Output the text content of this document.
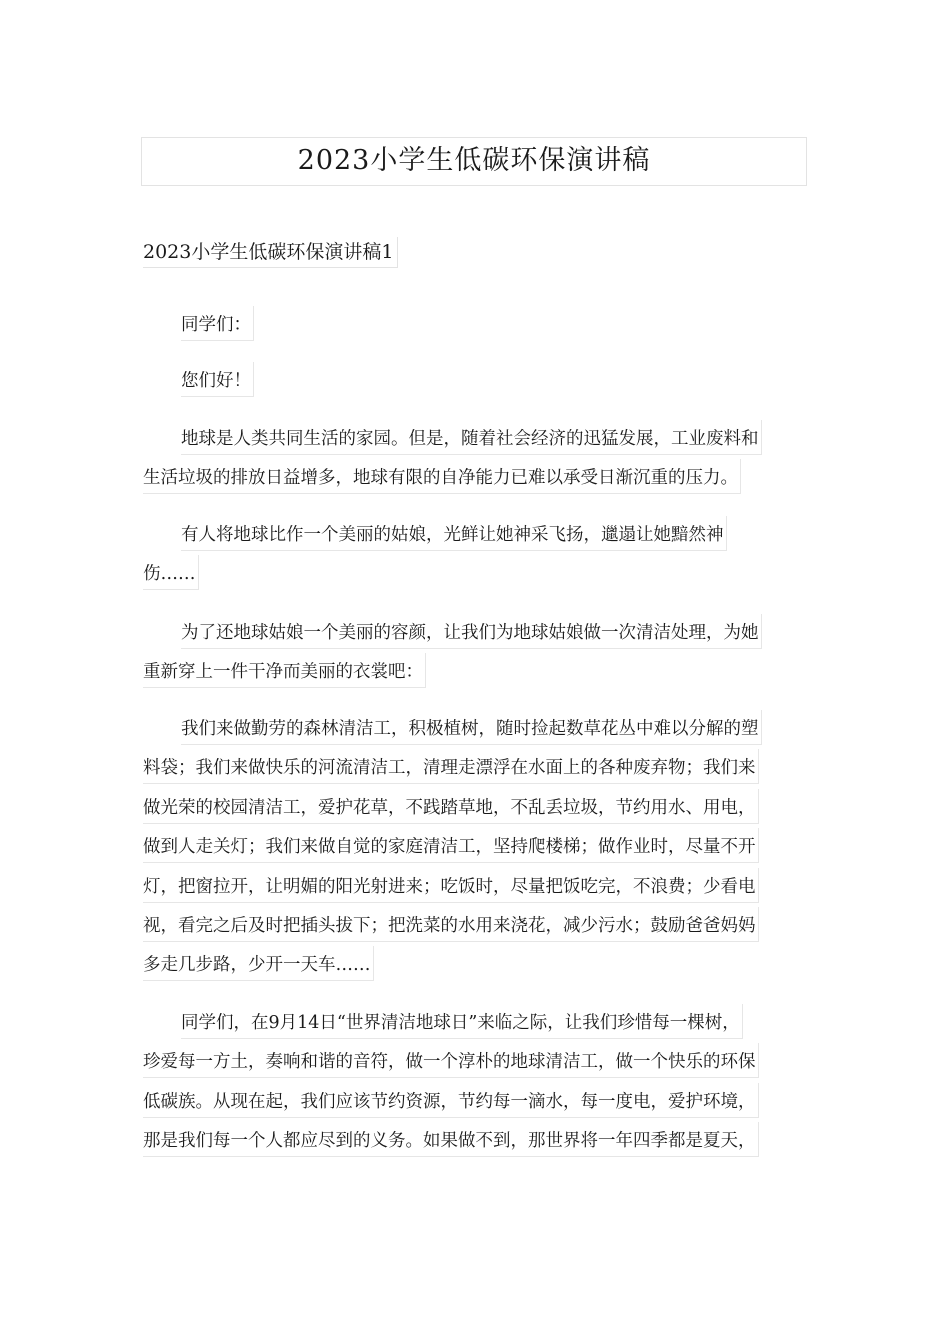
2023小学生低碳环保演讲稿
2023小学生低碳环保演讲稿1
同学们：
您们好！
地球是人类共同生活的家园。但是，随着社会经济的迅猛发展，工业废料和
生活垃圾的排放日益增多，地球有限的自净能力已难以承受日渐沉重的压力。
有人将地球比作一个美丽的姑娘，光鲜让她神采飞扬，邋遢让她黯然神
伤……
为了还地球姑娘一个美丽的容颜，让我们为地球姑娘做一次清洁处理，为她
重新穿上一件干净而美丽的衣裳吧：
我们来做勤劳的森林清洁工，积极植树，随时捡起数草花丛中难以分解的塑
料袋；我们来做快乐的河流清洁工，清理走漂浮在水面上的各种废弃物；我们来
做光荣的校园清洁工，爱护花草，不践踏草地，不乱丢垃圾，节约用水、用电，
做到人走关灯；我们来做自觉的家庭清洁工，坚持爬楼梯；做作业时，尽量不开
灯，把窗拉开，让明媚的阳光射进来；吃饭时，尽量把饭吃完，不浪费；少看电
视，看完之后及时把插头拔下；把洗菜的水用来浇花，减少污水；鼓励爸爸妈妈
多走几步路，少开一天车……
同学们，在9月14日“世界清洁地球日”来临之际，让我们珍惜每一棵树，
珍爱每一方土，奏响和谐的音符，做一个淳朴的地球清洁工，做一个快乐的环保
低碳族。从现在起，我们应该节约资源，节约每一滴水，每一度电，爱护环境，
那是我们每一个人都应尽到的义务。如果做不到，那世界将一年四季都是夏天，
